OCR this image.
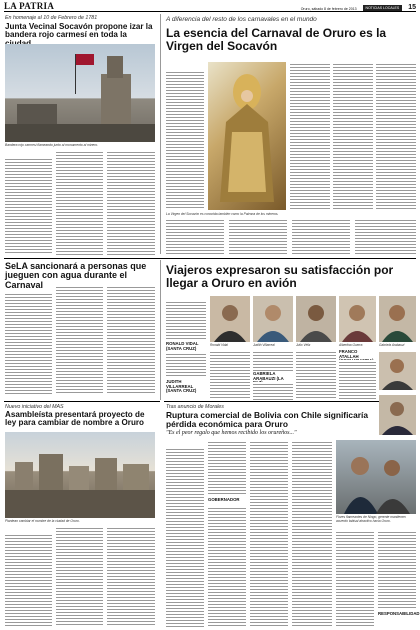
LA PATRIA	Oruro, sábado 8 de febrero de 2013	NOTICIAS LOCALES	15
En homenaje al 10 de Febrero de 1781
Junta Vecinal Socavón propone izar la bandera rojo carmesí en toda la
Bandera rojo carmesí flameando junto al monumento al minero.
A diferencia del resto de los carnavales en el mundo
La esencia del Carnaval de Oruro es la Virgen del Socavón
La Virgen del Socavón es conocida también como la Patrona de los mineros.
SeLA sancionará a personas que jueguen con agua durante el Carnaval
Viajeros expresaron su satisfacción por llegar a Oruro en avión
Ronald Vidal	Judith Villarreal	Julio Véliz	Albertina Guerra	Gabriela Arabauzi
RONALD VIDAL (SANTA CRUZ)
JUDITH VILLARREAL (SANTA CRUZ)
GABRIELA ARABAUZI (LA
FRANCO ATALLAH
Nuevo iniciativo del MAS
Asambleísta presentará proyecto de ley para cambiar de nombre a Oruro
Plantean cambiar el nombre de la ciudad de Oruro.
Tras anuncio de Morales
Ruptura comercial de Bolivia con Chile significaría pérdida económica para Oruro
"Es el peor regalo que hemos recibido los orureños..."
GOBERNADOR
Flores flameantes de Ningo, gerente mantienen acuerdo tabisal atractivo hacia Oruro.
RESPONSABILIDAD
